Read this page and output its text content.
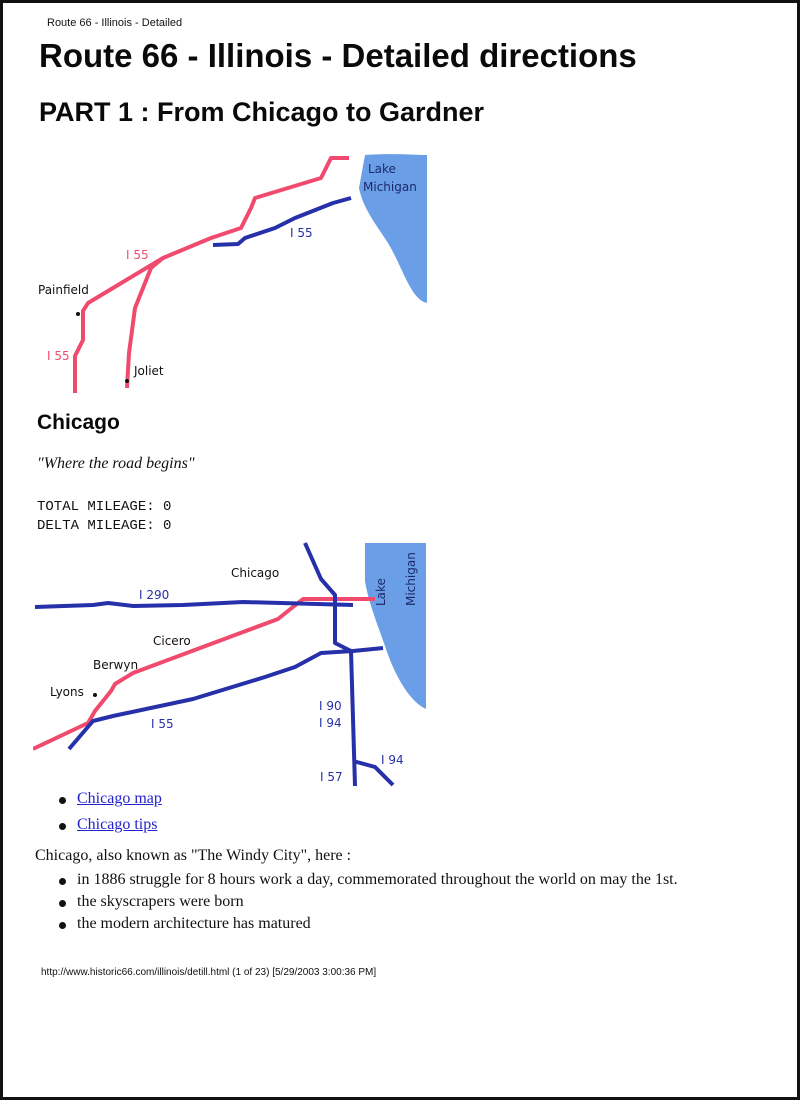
Route 66 - Illinois - Detailed
Route 66 - Illinois - Detailed directions
PART 1 : From Chicago to Gardner
Lake
Michigan
I 55
I 55
Painfield
I 55
Joliet
Chicago
"Where the road begins"
TOTAL MILEAGE: 0
DELTA MILEAGE: 0
Chicago
I 290	Lake Michigan
Cicero
Berwyn
Lyons
I 55
I 90
I 94
I 94
I 57
Chicago map
Chicago tips
Chicago, also known as "The Windy City", here :
in 1886 struggle for 8 hours work a day, commemorated throughout the world on may the 1st.
the skyscrapers were born
the modern architecture has matured
http://www.historic66.com/illinois/detill.html (1 of 23) [5/29/2003 3:00:36 PM]
